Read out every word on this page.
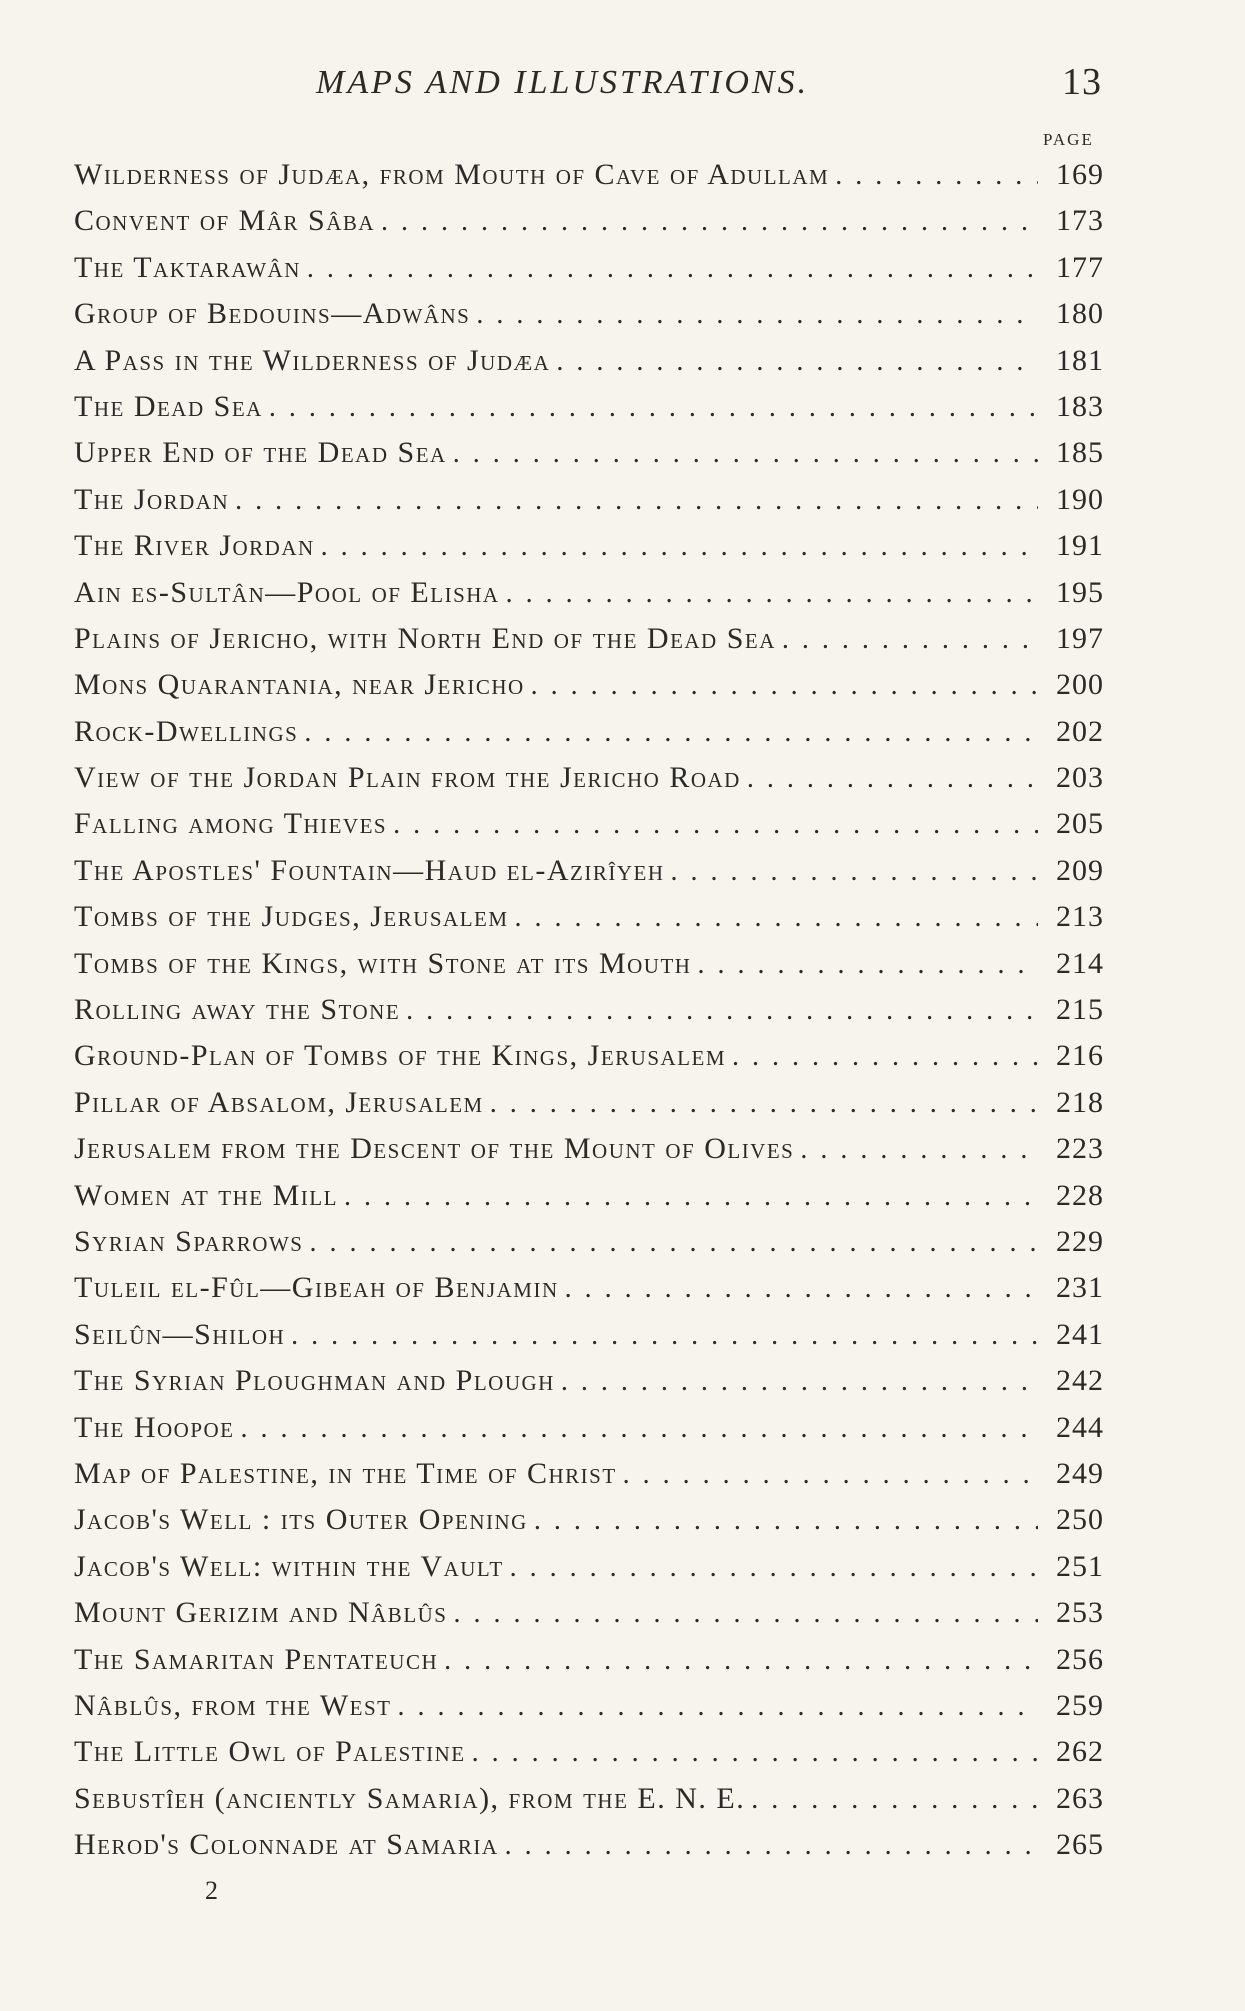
MAPS AND ILLUSTRATIONS.	13
PAGE
Wilderness of Judæa, from Mouth of Cave of Adullam . . .	169
Convent of Mâr Sâba . . .	173
The Taktarawân . . .	177
Group of Bedouins—Adwâns . . .	180
A Pass in the Wilderness of Judæa . . .	181
The Dead Sea . . .	183
Upper End of the Dead Sea . . .	185
The Jordan . . .	190
The River Jordan . . .	191
Ain es-Sultân—Pool of Elisha . . .	195
Plains of Jericho, with North End of the Dead Sea . . .	197
Mons Quarantania, near Jericho . . .	200
Rock-Dwellings . . .	202
View of the Jordan Plain from the Jericho Road . . .	203
Falling among Thieves . . .	205
The Apostles' Fountain—Haud el-Azirîyeh . . .	209
Tombs of the Judges, Jerusalem . . .	213
Tombs of the Kings, with Stone at its Mouth . . .	214
Rolling away the Stone . . .	215
Ground-Plan of Tombs of the Kings, Jerusalem . . .	216
Pillar of Absalom, Jerusalem . . .	218
Jerusalem from the Descent of the Mount of Olives . . .	223
Women at the Mill . . .	228
Syrian Sparrows . . .	229
Tuleil el-Fûl—Gibeah of Benjamin . . .	231
Seilûn—Shiloh . . .	241
The Syrian Ploughman and Plough . . .	242
The Hoopoe . . .	244
Map of Palestine, in the Time of Christ . . .	249
Jacob's Well : its Outer Opening . . .	250
Jacob's Well: within the Vault . . .	251
Mount Gerizim and Nâblûs . . .	253
The Samaritan Pentateuch . . .	256
Nâblûs, from the West . . .	259
The Little Owl of Palestine . . .	262
Sebustîeh (anciently Samaria), from the E. N. E. . . .	263
Herod's Colonnade at Samaria . . .	265
2
